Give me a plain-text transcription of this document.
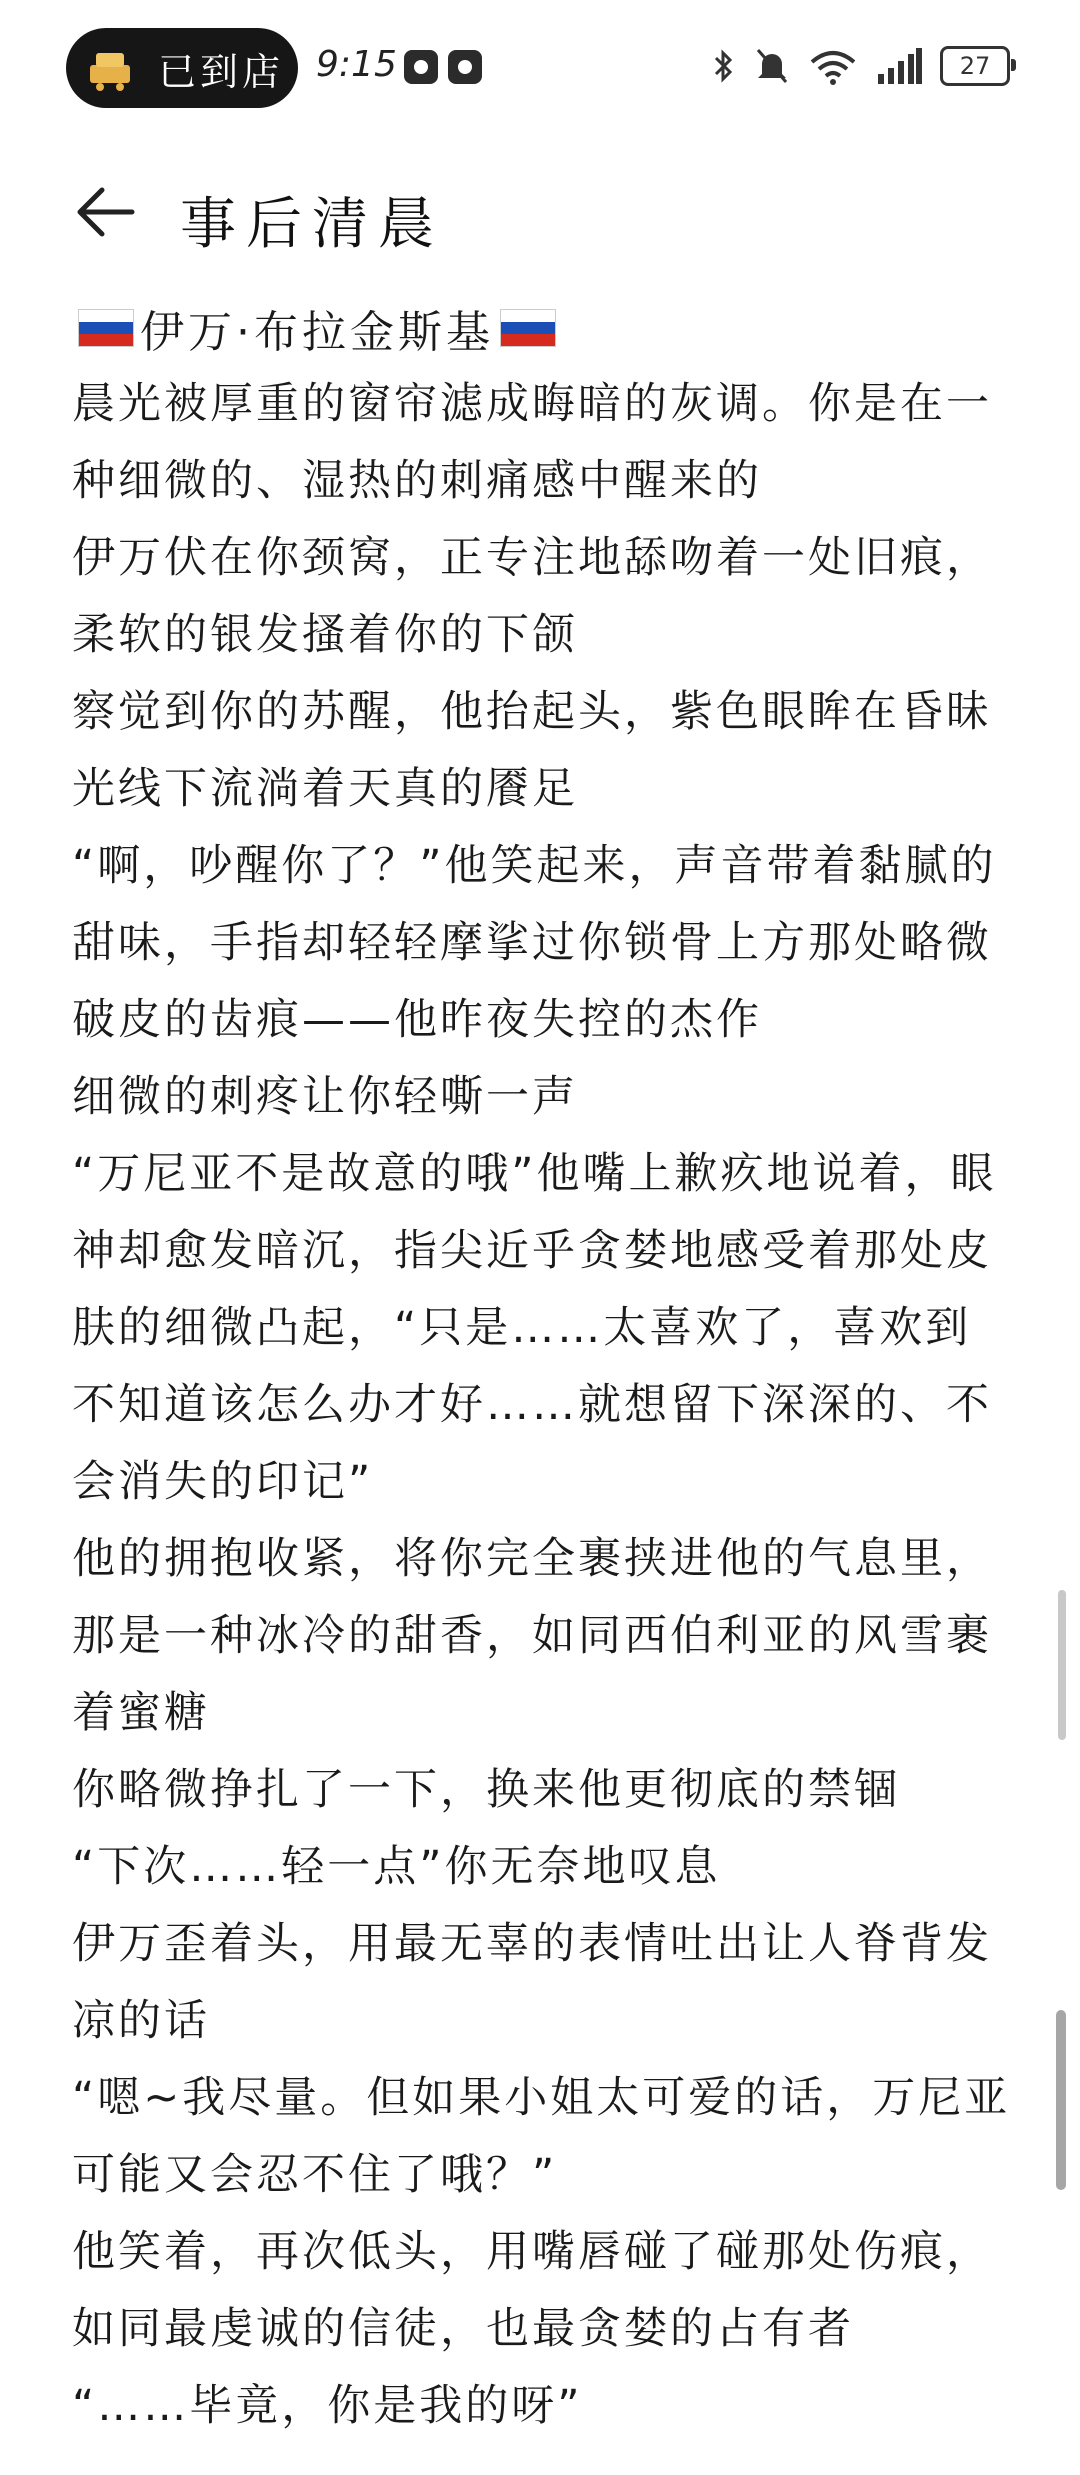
已到店 9:15	27
事后清晨
伊万·布拉金斯基

晨光被厚重的窗帘滤成晦暗的灰调。你是在一种细微的、湿热的刺痛感中醒来的

伊万伏在你颈窝，正专注地舔吻着一处旧痕，柔软的银发搔着你的下颌

察觉到你的苏醒，他抬起头，紫色眼眸在昏昧光线下流淌着天真的餍足

“啊，吵醒你了？”他笑起来，声音带着黏腻的甜味，手指却轻轻摩挲过你锁骨上方那处略微破皮的齿痕——他昨夜失控的杰作

细微的刺疼让你轻嘶一声

“万尼亚不是故意的哦”他嘴上歉疚地说着，眼神却愈发暗沉，指尖近乎贪婪地感受着那处皮肤的细微凸起，“只是……太喜欢了，喜欢到不知道该怎么办才好……就想留下深深的、不会消失的印记”

他的拥抱收紧，将你完全裹挟进他的气息里，那是一种冰冷的甜香，如同西伯利亚的风雪裹着蜜糖

你略微挣扎了一下，换来他更彻底的禁锢

“下次……轻一点”你无奈地叹息

伊万歪着头，用最无辜的表情吐出让人脊背发凉的话

“嗯~我尽量。但如果小姐太可爱的话，万尼亚可能又会忍不住了哦？”

他笑着，再次低头，用嘴唇碰了碰那处伤痕，如同最虔诚的信徒，也最贪婪的占有者

“……毕竟，你是我的呀”
